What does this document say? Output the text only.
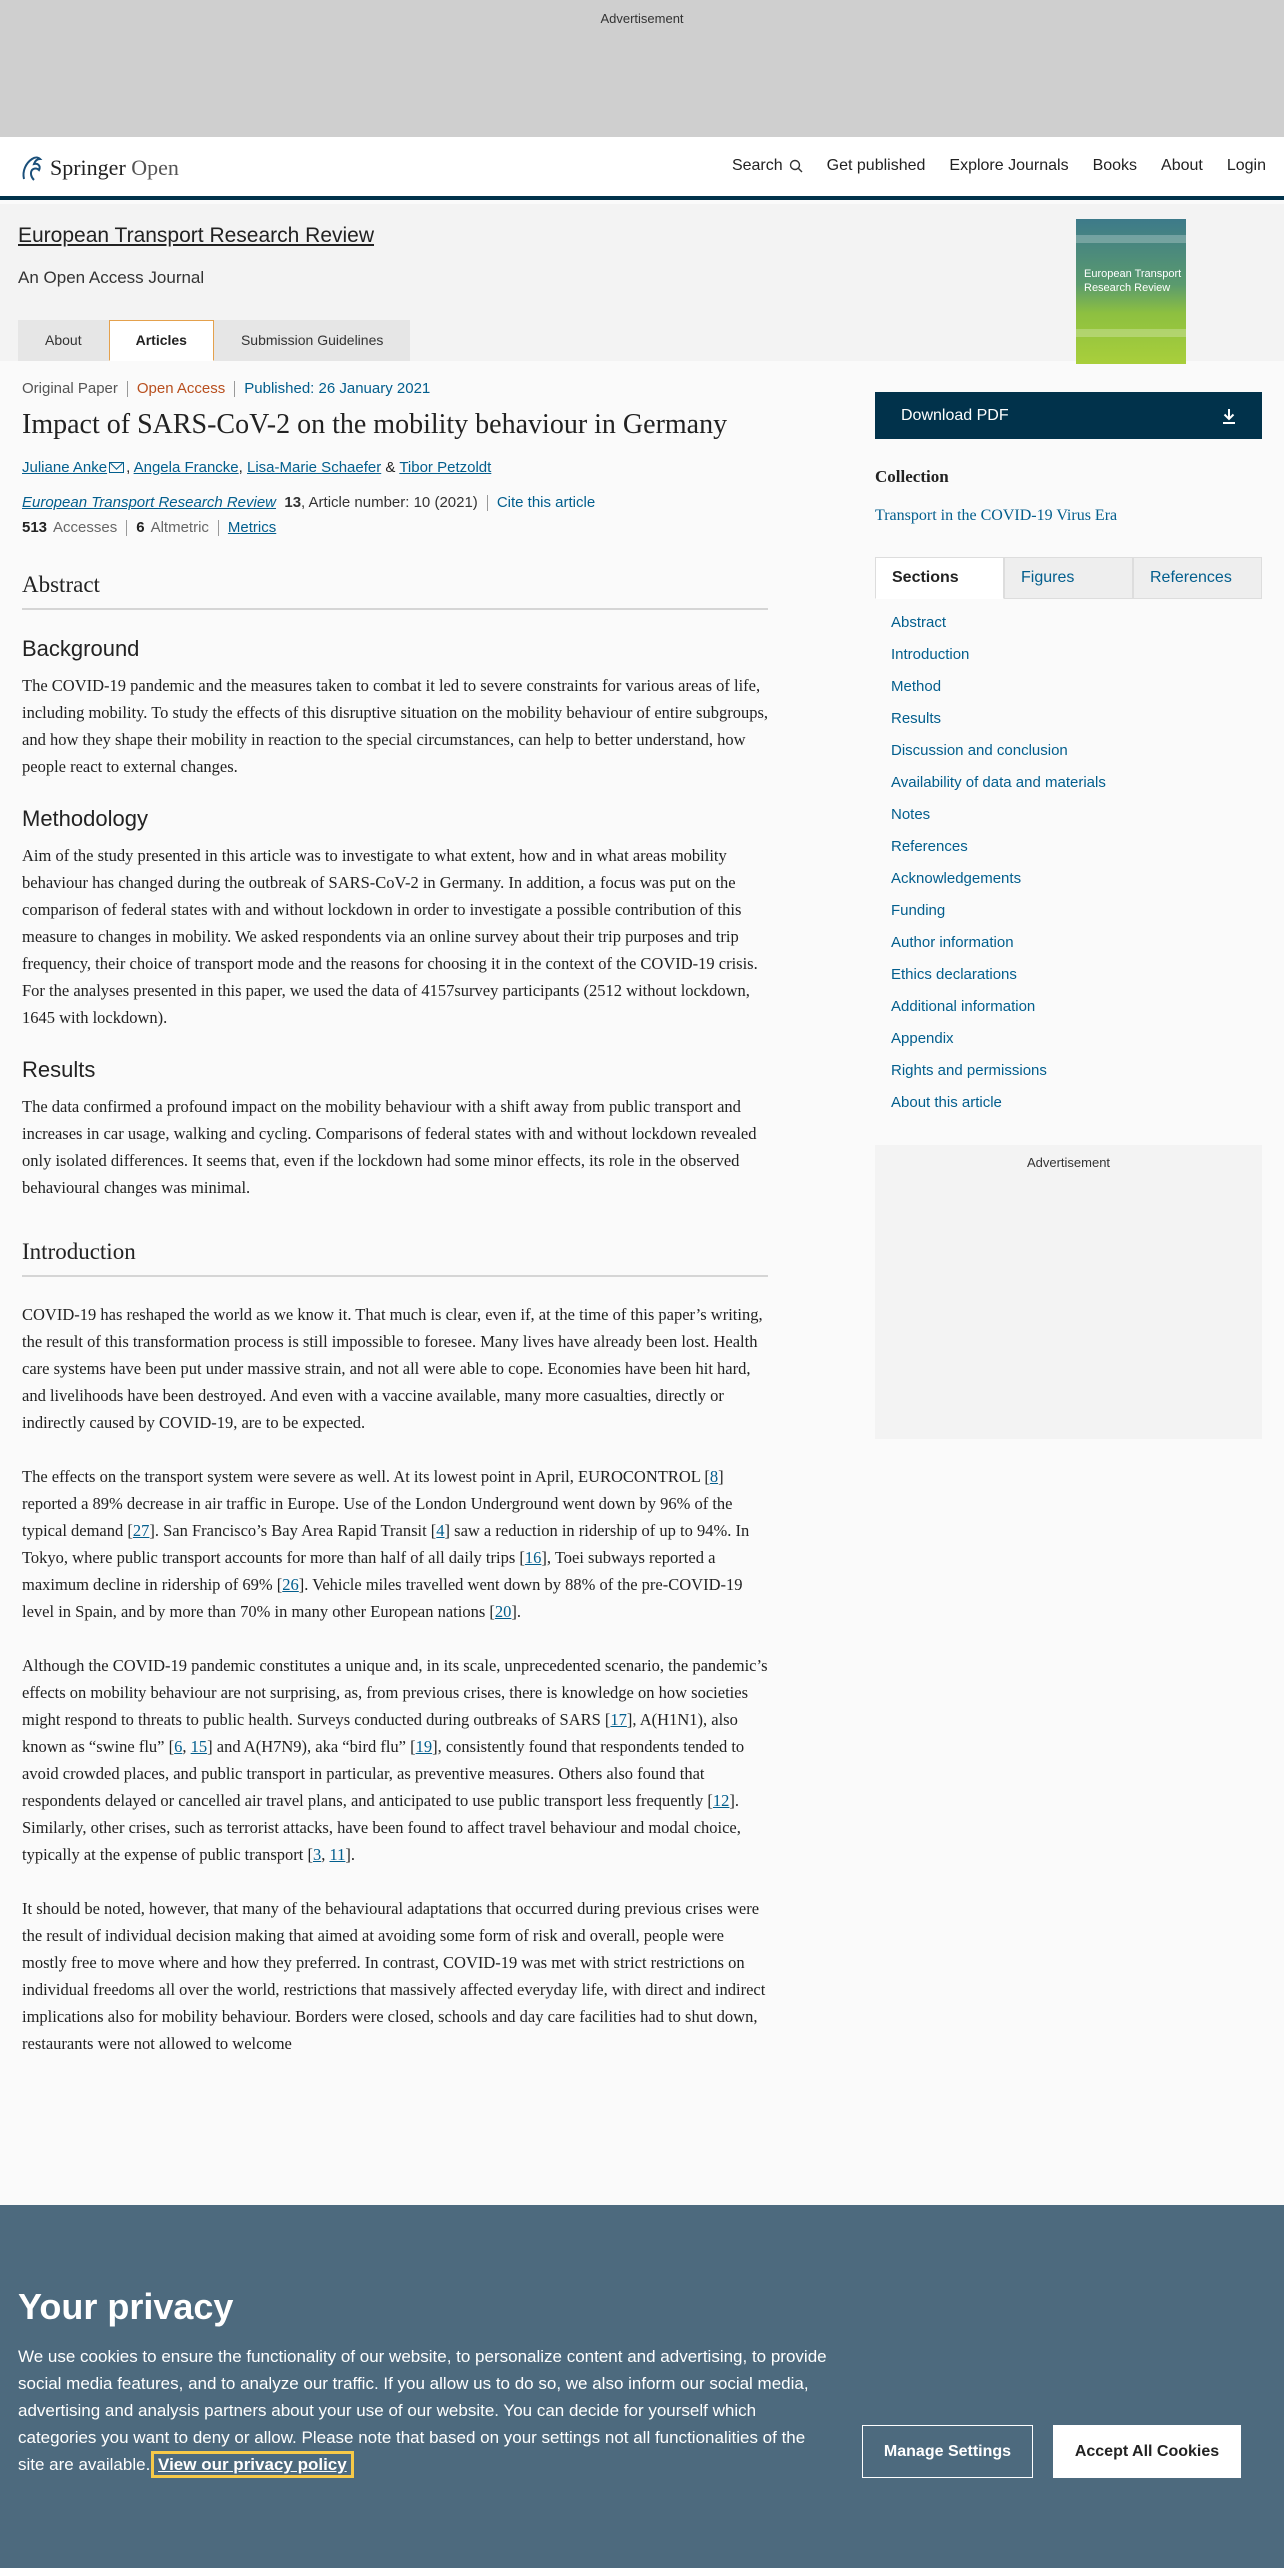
Advertisement
Springer Open	Search	Get published Explore Journals Books About Login
European Transport Research Review
An Open Access Journal
About	Articles	Submission Guidelines
European Transport Research Review
Original Paper Open Access Published: 26 January 2021
Impact of SARS-CoV-2 on the mobility behaviour in Germany
Juliane Anke , Angela Francke, Lisa-Marie Schaefer & Tibor Petzoldt
European Transport Research Review
13 , Article number: 10 (2021) Cite this article
513 Accesses 6 Altmetric Metrics
Abstract
Background

The COVID-19 pandemic and the measures taken to combat it led to severe constraints for various areas of life, including mobility. To study the effects of this disruptive situation on the mobility behaviour of entire subgroups, and how they shape their mobility in reaction to the special circumstances, can help to better understand, how people react to external changes.

Methodology

Aim of the study presented in this article was to investigate to what extent, how and in what areas mobility behaviour has changed during the outbreak of SARS-CoV-2 in Germany. In addition, a focus was put on the comparison of federal states with and without lockdown in order to investigate a possible contribution of this measure to changes in mobility. We asked respondents via an online survey about their trip purposes and trip frequency, their choice of transport mode and the reasons for choosing it in the context of the COVID-19 crisis. For the analyses presented in this paper, we used the data of 4157survey participants (2512 without lockdown, 1645 with lockdown).

Results

The data confirmed a profound impact on the mobility behaviour with a shift away from public transport and increases in car usage, walking and cycling. Comparisons of federal states with and without lockdown revealed only isolated differences. It seems that, even if the lockdown had some minor effects, its role in the observed behavioural changes was minimal.

Introduction

COVID-19 has reshaped the world as we know it. That much is clear, even if, at the time of this paper’s writing, the result of this transformation process is still impossible to foresee. Many lives have already been lost. Health care systems have been put under massive strain, and not all were able to cope. Economies have been hit hard, and livelihoods have been destroyed. And even with a vaccine available, many more casualties, directly or indirectly caused by COVID-19, are to be expected.

The effects on the transport system were severe as well. At its lowest point in April, EUROCONTROL [8] reported a 89% decrease in air traffic in Europe. Use of the London Underground went down by 96% of the typical demand [27]. San Francisco’s Bay Area Rapid Transit [4] saw a reduction in ridership of up to 94%. In Tokyo, where public transport accounts for more than half of all daily trips [16], Toei subways reported a maximum decline in ridership of 69% [26]. Vehicle miles travelled went down by 88% of the pre-COVID-19 level in Spain, and by more than 70% in many other European nations [20].

Although the COVID-19 pandemic constitutes a unique and, in its scale, unprecedented scenario, the pandemic’s effects on mobility behaviour are not surprising, as, from previous crises, there is knowledge on how societies might respond to threats to public health. Surveys conducted during outbreaks of SARS [17], A(H1N1), also known as “swine flu” [6, 15] and A(H7N9), aka “bird flu” [19], consistently found that respondents tended to avoid crowded places, and public transport in particular, as preventive measures. Others also found that respondents delayed or cancelled air travel plans, and anticipated to use public transport less frequently [12]. Similarly, other crises, such as terrorist attacks, have been found to affect travel behaviour and modal choice, typically at the expense of public transport [3, 11].

It should be noted, however, that many of the behavioural adaptations that occurred during previous crises were the result of individual decision making that aimed at avoiding some form of risk and overall, people were mostly free to move where and how they preferred. In contrast, COVID-19 was met with strict restrictions on individual freedoms all over the world, restrictions that massively affected everyday life, with direct and indirect implications also for mobility behaviour. Borders were closed, schools and day care facilities had to shut down, restaurants were not allowed to welcome

Download PDF
Collection
Transport in the COVID-19 Virus Era
Sections	Figures	References
Abstract
Introduction
Method
Results
Discussion and conclusion
Availability of data and materials
Notes
References
Acknowledgements
Funding
Author information
Ethics declarations
Additional information
Appendix
Rights and permissions
About this article
Advertisement
Your privacy

We use cookies to ensure the functionality of our website, to personalize content and advertising, to provide social media features, and to analyze our traffic. If you allow us to do so, we also inform our social media, advertising and analysis partners about your use of our website. You can decide for yourself which categories you want to deny or allow. Please note that based on your settings not all functionalities of the site are available. View our privacy policy

Manage Settings	Accept All Cookies
